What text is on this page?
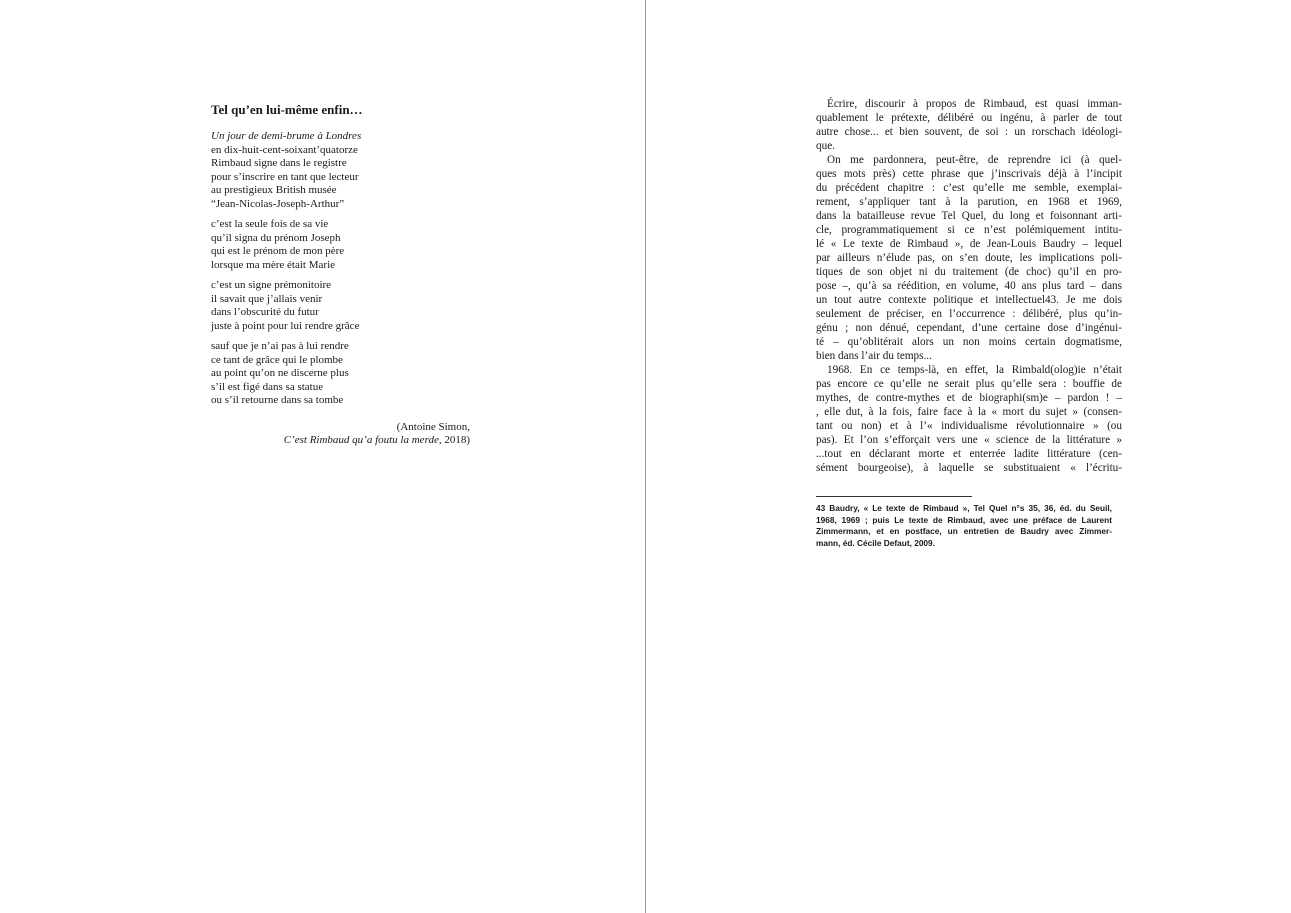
Tel qu’en lui-même enfin…
Un jour de demi-brume à Londres
en dix-huit-cent-soixant’quatorze
Rimbaud signe dans le registre
pour s’inscrire en tant que lecteur
au prestigieux British musée
“Jean-Nicolas-Joseph-Arthur”
c’est la seule fois de sa vie
qu’il signa du prénom Joseph
qui est le prénom de mon père
lorsque ma mère était Marie
c’est un signe prémonitoire
il savait que j’allais venir
dans l’obscurité du futur
juste à point pour lui rendre grâce
sauf que je n’ai pas à lui rendre
ce tant de grâce qui le plombe
au point qu’on ne discerne plus
s’il est figé dans sa statue
ou s’il retourne dans sa tombe
(Antoine Simon,
C’est Rimbaud qu’a foutu la merde, 2018)
Écrire, discourir à propos de Rimbaud, est quasi imman-
quablement le prétexte, délibéré ou ingénu, à parler de tout
autre chose... et bien souvent, de soi : un rorschach idéologi-
que.
On me pardonnera, peut-être, de reprendre ici (à quel-
ques mots près) cette phrase que j’inscrivais déjà à l’incipit
du précédent chapitre : c’est qu’elle me semble, exemplai-
rement, s’appliquer tant à la parution, en 1968 et 1969,
dans la batailleuse revue Tel Quel, du long et foisonnant arti-
cle, programmatiquement si ce n’est polémiquement intitu-
lé « Le texte de Rimbaud », de Jean-Louis Baudry – lequel
par ailleurs n’élude pas, on s’en doute, les implications poli-
tiques de son objet ni du traitement (de choc) qu’il en pro-
pose –, qu’à sa réédition, en volume, 40 ans plus tard – dans
un tout autre contexte politique et intellectuel43. Je me dois
seulement de préciser, en l’occurrence : délibéré, plus qu’in-
génu ; non dénué, cependant, d’une certaine dose d’ingénui-
té – qu’oblitérait alors un non moins certain dogmatisme,
bien dans l’air du temps...
1968. En ce temps-là, en effet, la Rimbald(olog)ie n’était
pas encore ce qu’elle ne serait plus qu’elle sera : bouffie de
mythes, de contre-mythes et de biographi(sm)e – pardon ! –
, elle dut, à la fois, faire face à la « mort du sujet » (consen-
tant ou non) et à l’« individualisme révolutionnaire » (ou
pas). Et l’on s’efforçait vers une « science de la littérature »
...tout en déclarant morte et enterrée ladite littérature (cen-
sément bourgeoise), à laquelle se substituaient « l’écritu-
43 Baudry, « Le texte de Rimbaud », Tel Quel n°s 35, 36, éd. du Seuil,
1968, 1969 ; puis Le texte de Rimbaud, avec une préface de Laurent
Zimmermann, et en postface, un entretien de Baudry avec Zimmer-
mann, éd. Cécile Defaut, 2009.
